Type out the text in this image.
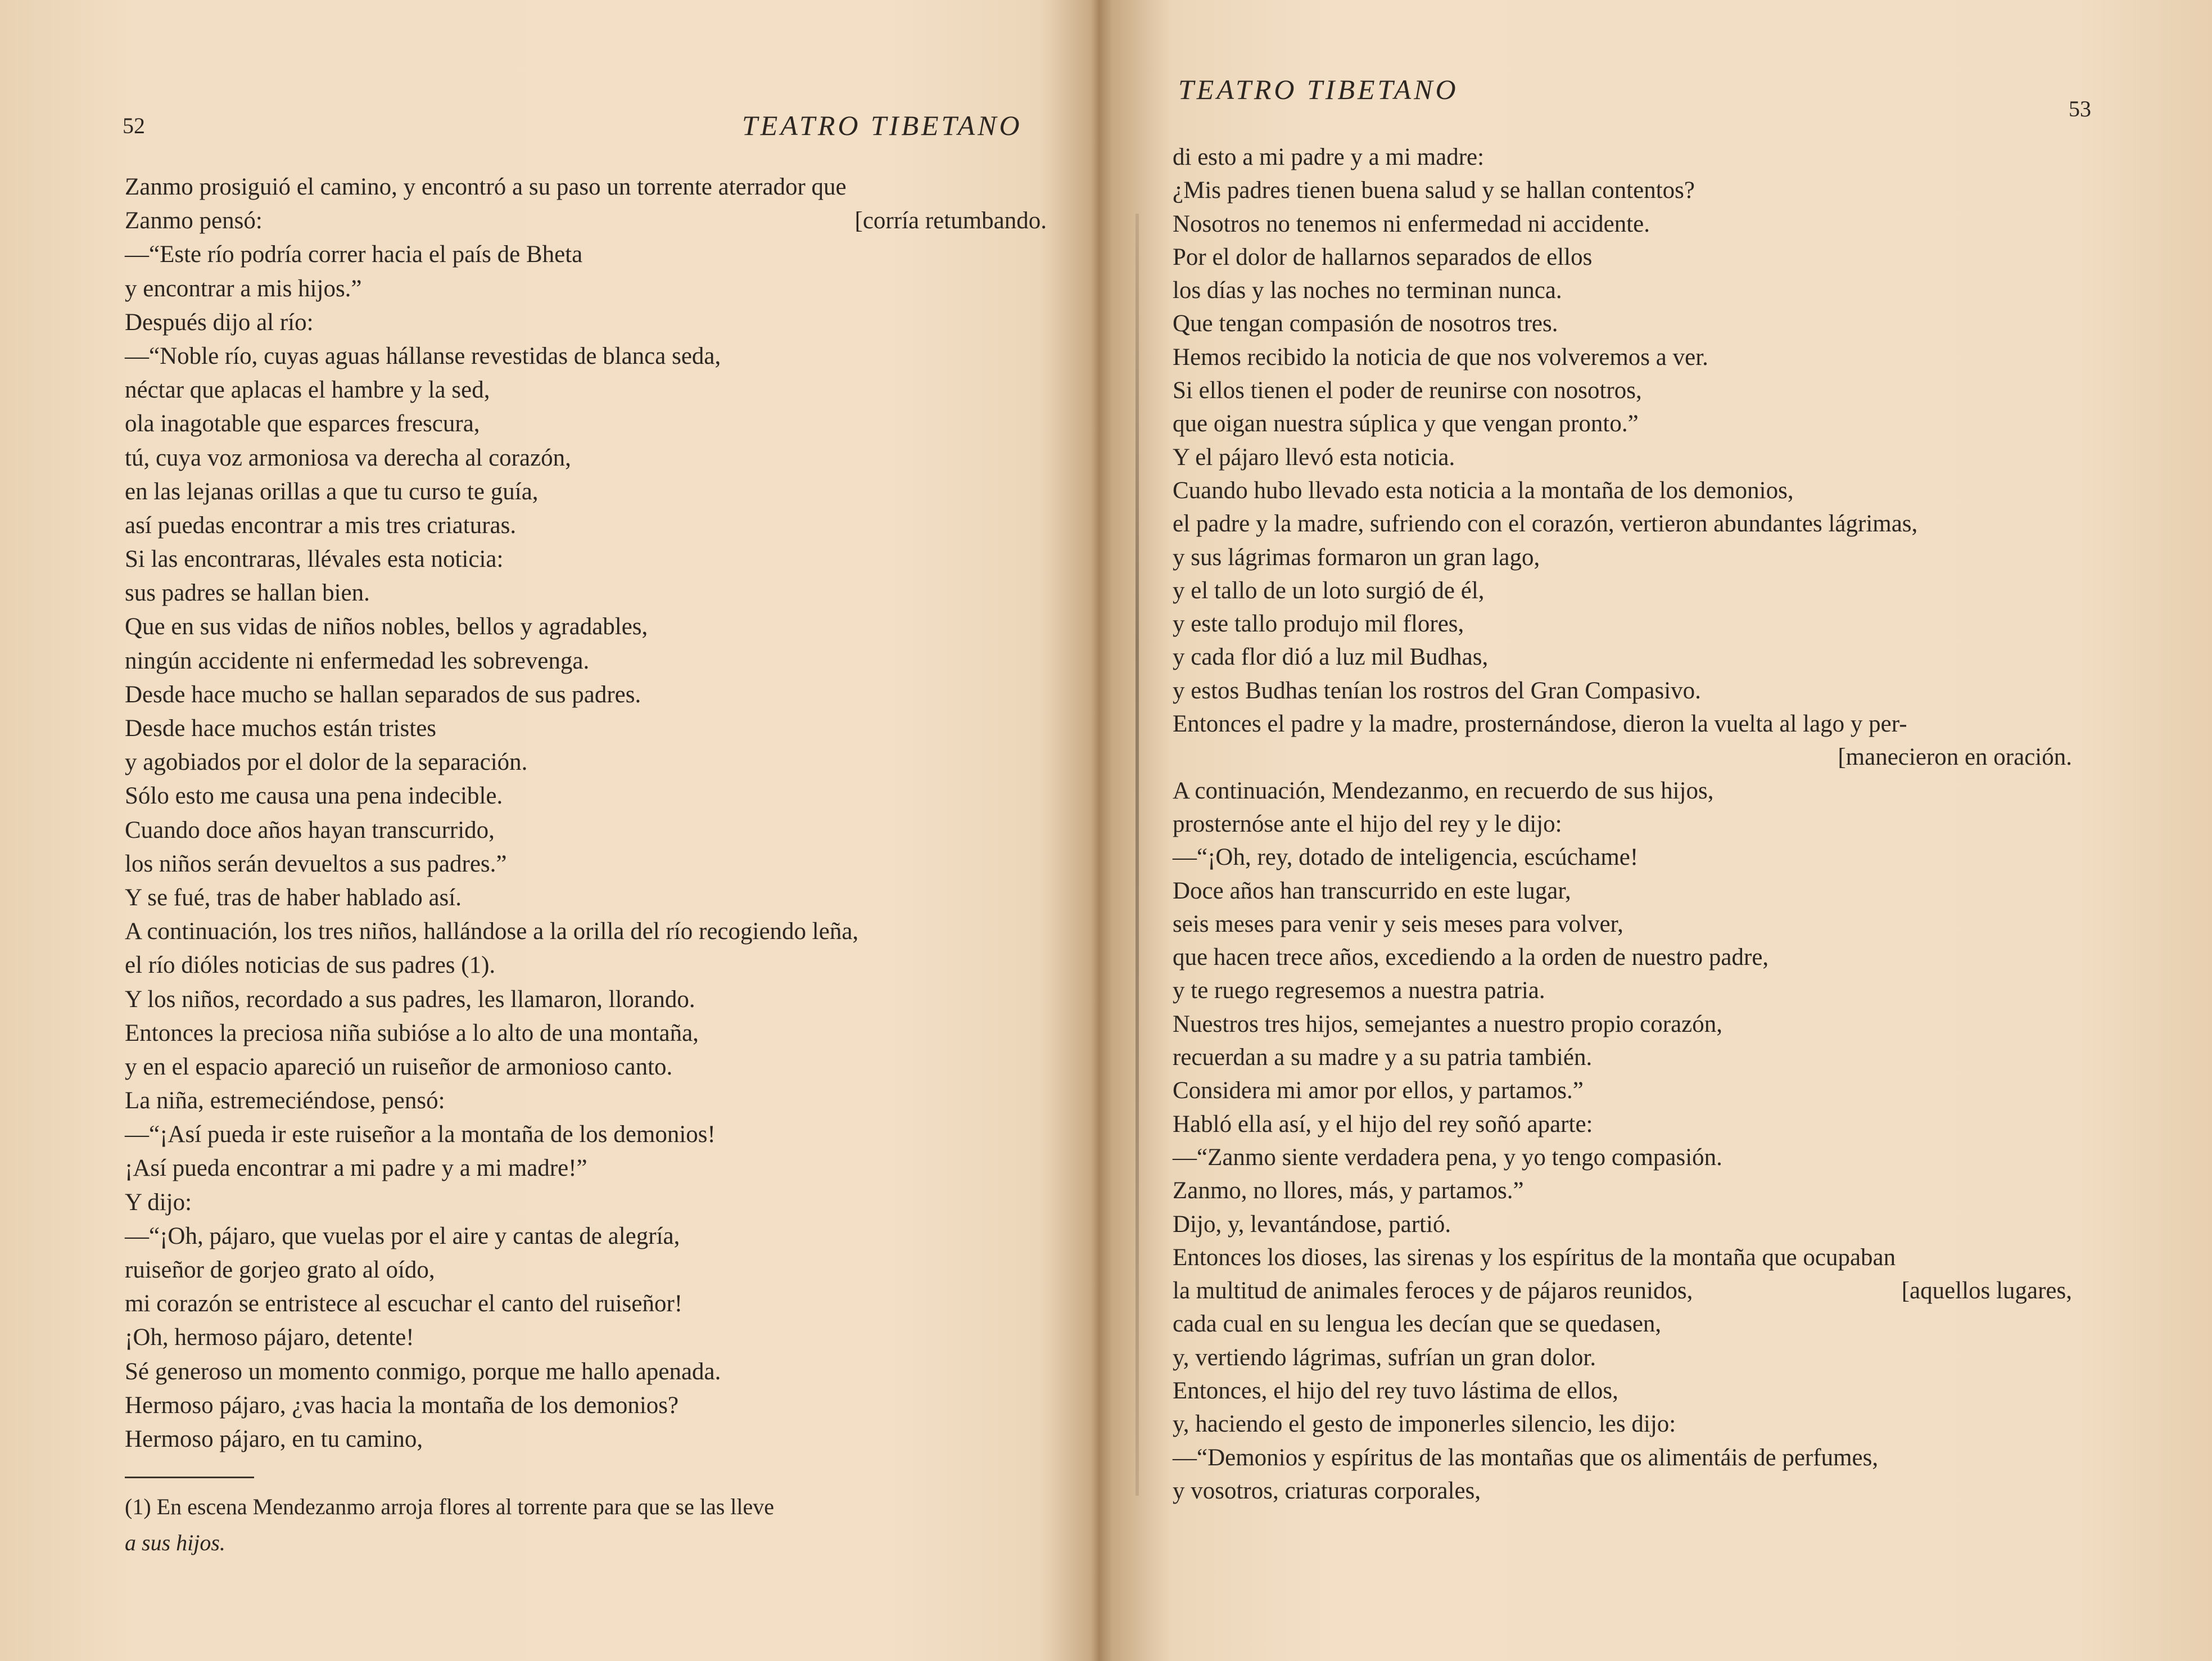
52	TEATRO TIBETANO
Zanmo prosiguió el camino, y encontró a su paso un torrente aterrador que
Zanmo pensó:	[corría retumbando.
—“Este río podría correr hacia el país de Bheta
y encontrar a mis hijos.”
Después dijo al río:
—“Noble río, cuyas aguas hállanse revestidas de blanca seda,
néctar que aplacas el hambre y la sed,
ola inagotable que esparces frescura,
tú, cuya voz armoniosa va derecha al corazón,
en las lejanas orillas a que tu curso te guía,
así puedas encontrar a mis tres criaturas.
Si las encontraras, llévales esta noticia:
sus padres se hallan bien.
Que en sus vidas de niños nobles, bellos y agradables,
ningún accidente ni enfermedad les sobrevenga.
Desde hace mucho se hallan separados de sus padres.
Desde hace muchos están tristes
y agobiados por el dolor de la separación.
Sólo esto me causa una pena indecible.
Cuando doce años hayan transcurrido,
los niños serán devueltos a sus padres.”
Y se fué, tras de haber hablado así.
A continuación, los tres niños, hallándose a la orilla del río recogiendo leña,
el río dióles noticias de sus padres (1).
Y los niños, recordado a sus padres, les llamaron, llorando.
Entonces la preciosa niña subióse a lo alto de una montaña,
y en el espacio apareció un ruiseñor de armonioso canto.
La niña, estremeciéndose, pensó:
—“¡Así pueda ir este ruiseñor a la montaña de los demonios!
¡Así pueda encontrar a mi padre y a mi madre!”
Y dijo:
—“¡Oh, pájaro, que vuelas por el aire y cantas de alegría,
ruiseñor de gorjeo grato al oído,
mi corazón se entristece al escuchar el canto del ruiseñor!
¡Oh, hermoso pájaro, detente!
Sé generoso un momento conmigo, porque me hallo apenada.
Hermoso pájaro, ¿vas hacia la montaña de los demonios?
Hermoso pájaro, en tu camino,
(1) En escena Mendezanmo arroja flores al torrente para que se las lleve
a sus hijos.
TEATRO TIBETANO
53
di esto a mi padre y a mi madre:
¿Mis padres tienen buena salud y se hallan contentos?
Nosotros no tenemos ni enfermedad ni accidente.
Por el dolor de hallarnos separados de ellos
los días y las noches no terminan nunca.
Que tengan compasión de nosotros tres.
Hemos recibido la noticia de que nos volveremos a ver.
Si ellos tienen el poder de reunirse con nosotros,
que oigan nuestra súplica y que vengan pronto.”
Y el pájaro llevó esta noticia.
Cuando hubo llevado esta noticia a la montaña de los demonios,
el padre y la madre, sufriendo con el corazón, vertieron abundantes lágrimas,
y sus lágrimas formaron un gran lago,
y el tallo de un loto surgió de él,
y este tallo produjo mil flores,
y cada flor dió a luz mil Budhas,
y estos Budhas tenían los rostros del Gran Compasivo.
Entonces el padre y la madre, prosternándose, dieron la vuelta al lago y per-
[manecieron en oración.
A continuación, Mendezanmo, en recuerdo de sus hijos,
prosternóse ante el hijo del rey y le dijo:
—“¡Oh, rey, dotado de inteligencia, escúchame!
Doce años han transcurrido en este lugar,
seis meses para venir y seis meses para volver,
que hacen trece años, excediendo a la orden de nuestro padre,
y te ruego regresemos a nuestra patria.
Nuestros tres hijos, semejantes a nuestro propio corazón,
recuerdan a su madre y a su patria también.
Considera mi amor por ellos, y partamos.”
Habló ella así, y el hijo del rey soñó aparte:
—“Zanmo siente verdadera pena, y yo tengo compasión.
Zanmo, no llores, más, y partamos.”
Dijo, y, levantándose, partió.
Entonces los dioses, las sirenas y los espíritus de la montaña que ocupaban
la multitud de animales feroces y de pájaros reunidos,	[aquellos lugares,
cada cual en su lengua les decían que se quedasen,
y, vertiendo lágrimas, sufrían un gran dolor.
Entonces, el hijo del rey tuvo lástima de ellos,
y, haciendo el gesto de imponerles silencio, les dijo:
—“Demonios y espíritus de las montañas que os alimentáis de perfumes,
y vosotros, criaturas corporales,
